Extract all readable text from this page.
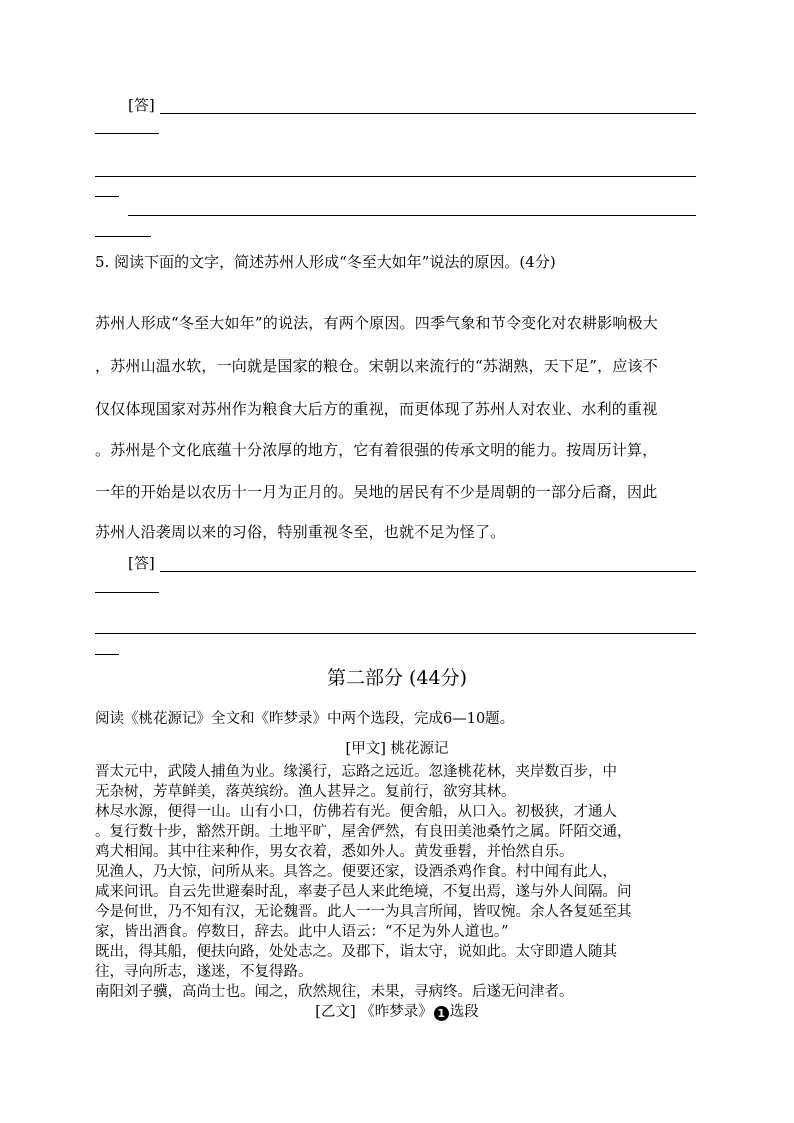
[答]
5. 阅读下面的文字，简述苏州人形成“冬至大如年”说法的原因。(4分)
苏州人形成“冬至大如年”的说法，有两个原因。四季气象和节令变化对农耕影响极大
，苏州山温水软，一向就是国家的粮仓。宋朝以来流行的“苏湖熟，天下足”，应该不
仅仅体现国家对苏州作为粮食大后方的重视，而更体现了苏州人对农业、水利的重视
。苏州是个文化底蕴十分浓厚的地方，它有着很强的传承文明的能力。按周历计算，
一年的开始是以农历十一月为正月的。吴地的居民有不少是周朝的一部分后裔，因此
苏州人沿袭周以来的习俗，特别重视冬至，也就不足为怪了。
[答]
第二部分 (44分)
阅读《桃花源记》全文和《昨梦录》中两个选段，完成6—10题。
[甲文] 桃花源记
晋太元中，武陵人捕鱼为业。缘溪行，忘路之远近。忽逢桃花林，夹岸数百步，中
无杂树，芳草鲜美，落英缤纷。渔人甚异之。复前行，欲穷其林。
林尽水源，便得一山。山有小口，仿佛若有光。便舍船，从口入。初极狭，才通人
。复行数十步，豁然开朗。土地平旷，屋舍俨然，有良田美池桑竹之属。阡陌交通，
鸡犬相闻。其中往来种作，男女衣着，悉如外人。黄发垂髫，并怡然自乐。
见渔人，乃大惊，问所从来。具答之。便要还家，设酒杀鸡作食。村中闻有此人，
咸来问讯。自云先世避秦时乱，率妻子邑人来此绝境，不复出焉，遂与外人间隔。问
今是何世，乃不知有汉，无论魏晋。此人一一为具言所闻，皆叹惋。余人各复延至其
家，皆出酒食。停数日，辞去。此中人语云：“不足为外人道也。”
既出，得其船，便扶向路，处处志之。及郡下，诣太守，说如此。太守即遣人随其
往，寻向所志，遂迷，不复得路。
南阳刘子骥，高尚士也。闻之，欣然规往，未果，寻病终。后遂无问津者。
[乙文] 《昨梦录》 1 选段
